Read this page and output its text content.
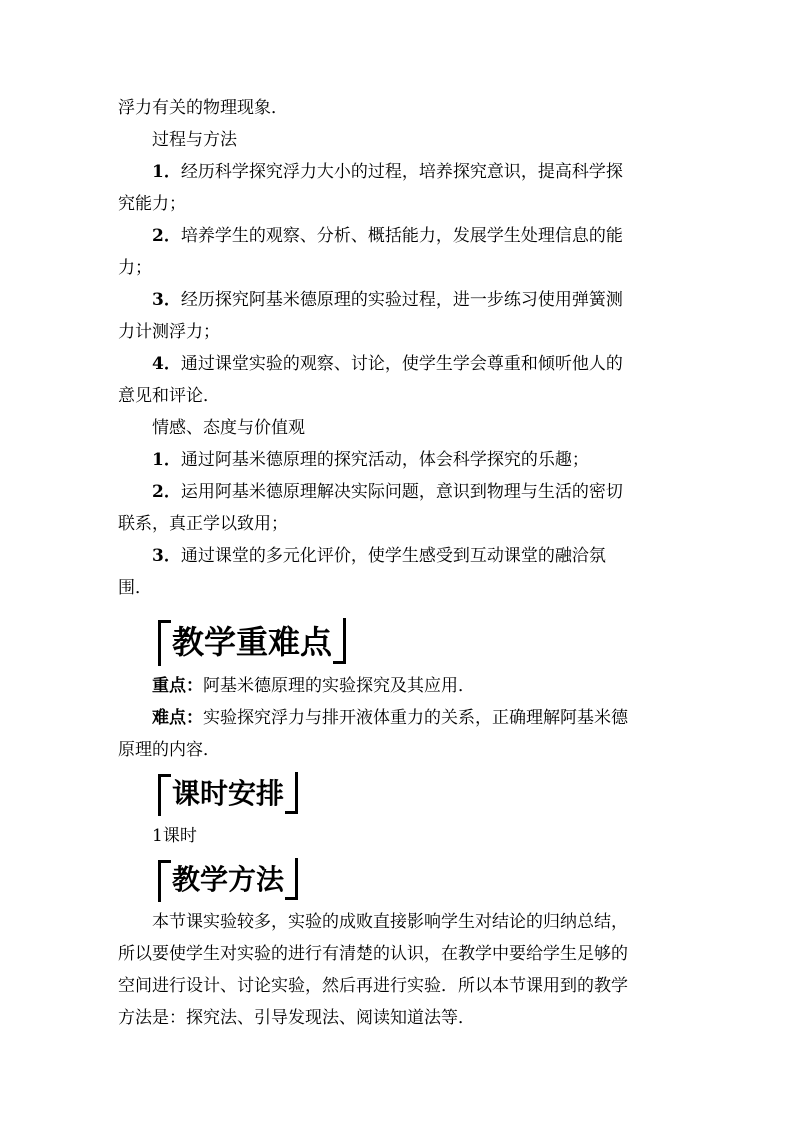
浮力有关的物理现象．

过程与方法

1．经历科学探究浮力大小的过程，培养探究意识，提高科学探

究能力；

2．培养学生的观察、分析、概括能力，发展学生处理信息的能

力；

3．经历探究阿基米德原理的实验过程，进一步练习使用弹簧测

力计测浮力；

4．通过课堂实验的观察、讨论，使学生学会尊重和倾听他人的

意见和评论．

情感、态度与价值观

1．通过阿基米德原理的探究活动，体会科学探究的乐趣；

2．运用阿基米德原理解决实际问题，意识到物理与生活的密切

联系，真正学以致用；

3．通过课堂的多元化评价，使学生感受到互动课堂的融洽氛

围．

教学重难点

重点：阿基米德原理的实验探究及其应用．

难点：实验探究浮力与排开液体重力的关系，正确理解阿基米德

原理的内容．

课时安排

1课时

教学方法

本节课实验较多，实验的成败直接影响学生对结论的归纳总结，

所以要使学生对实验的进行有清楚的认识，在教学中要给学生足够的

空间进行设计、讨论实验，然后再进行实验．所以本节课用到的教学

方法是：探究法、引导发现法、阅读知道法等．
